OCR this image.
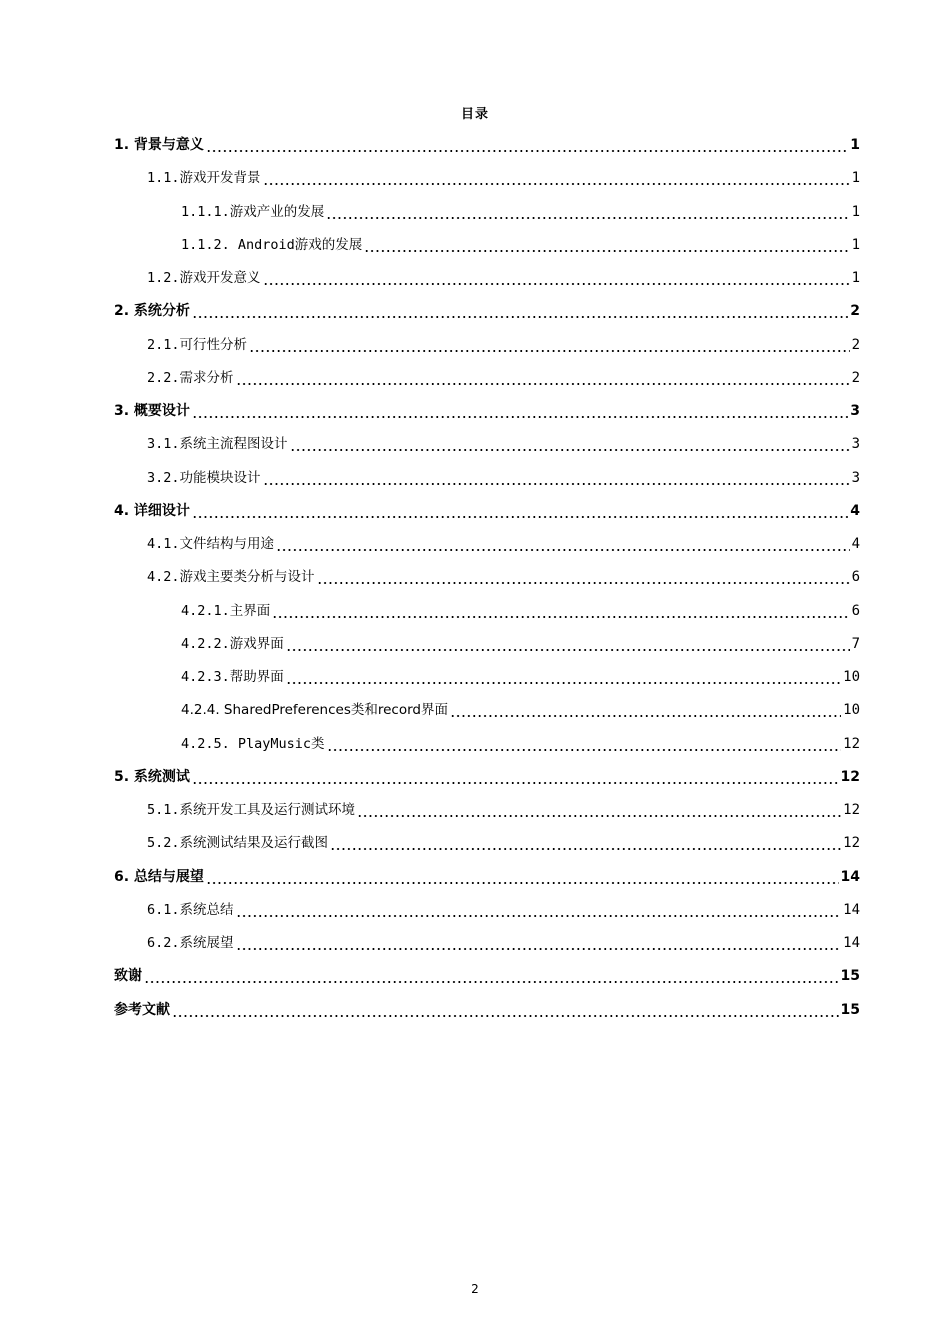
目录
1. 背景与意义	1
1.1.游戏开发背景	1
1.1.1.游戏产业的发展	1
1.1.2. Android游戏的发展	1
1.2.游戏开发意义	1
2. 系统分析	2
2.1.可行性分析	2
2.2.需求分析	2
3. 概要设计	3
3.1.系统主流程图设计	3
3.2.功能模块设计	3
4. 详细设计	4
4.1.文件结构与用途	4
4.2.游戏主要类分析与设计	6
4.2.1.主界面	6
4.2.2.游戏界面	7
4.2.3.帮助界面	10
4.2.4. SharedPreferences类和record界面	10
4.2.5. PlayMusic类	12
5. 系统测试	12
5.1.系统开发工具及运行测试环境	12
5.2.系统测试结果及运行截图	12
6. 总结与展望	14
6.1.系统总结	14
6.2.系统展望	14
致谢	15
参考文献	15
2
